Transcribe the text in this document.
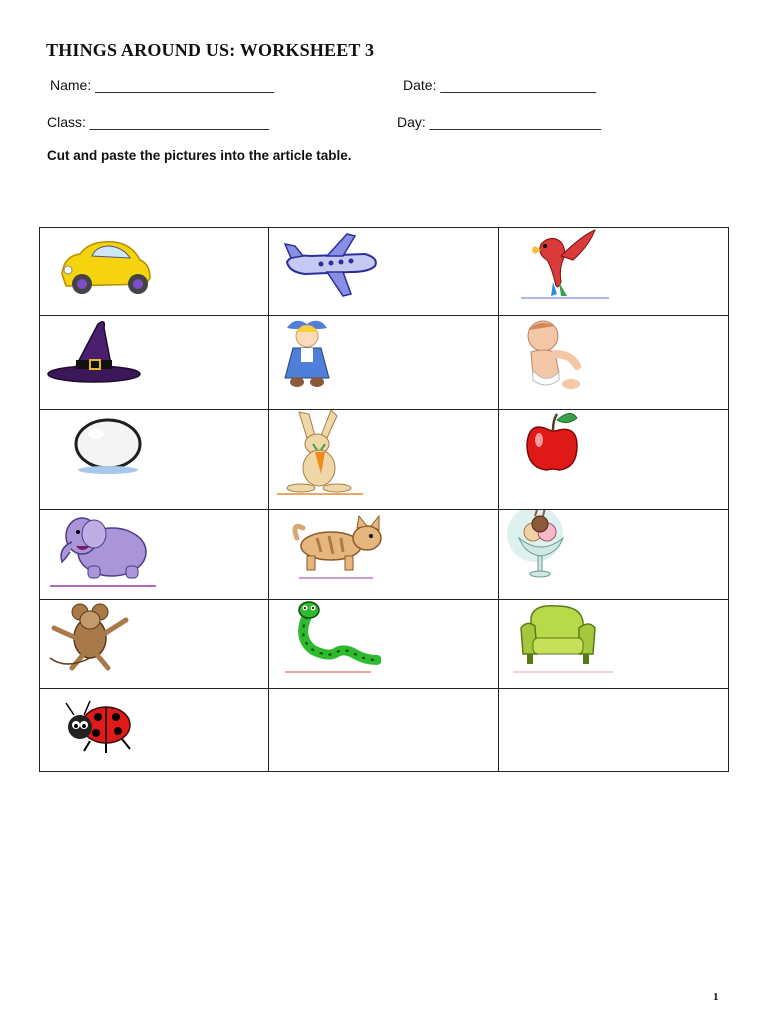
THINGS AROUND US: WORKSHEET 3
Name: _______________________	Date: ____________________
Class: _______________________	Day: ______________________
Cut and paste the pictures into the article table.
1
